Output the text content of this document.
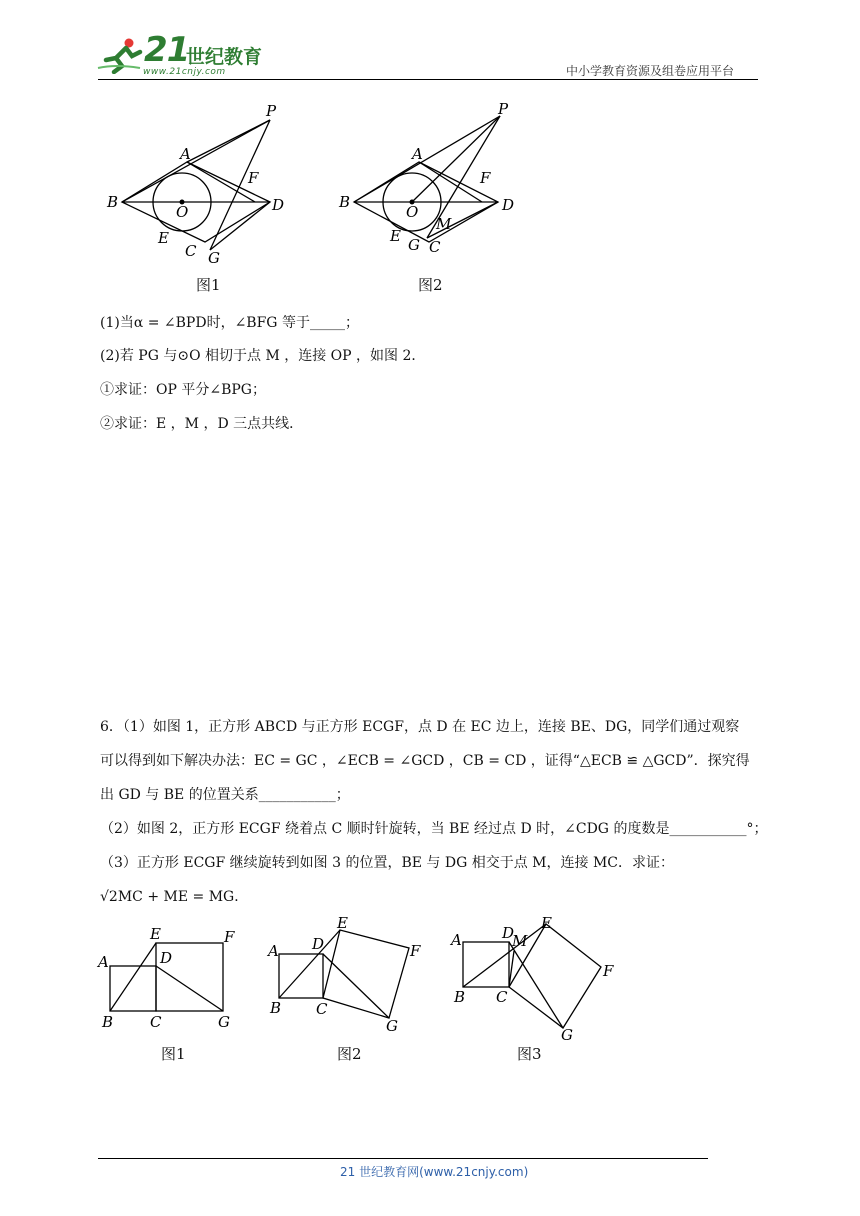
21
世纪教育
www.21cnjy.com	中小学教育资源及组卷应用平台
P
A
F
B
O	D
E
C G
图1
P
A
F
B
O	D
E
M
G C
图2
(1)当α = ∠BPD时，∠BFG 等于_____；
(2)若 PG 与⊙O 相切于点 M ，连接 OP ，如图 2．
①求证：OP 平分∠BPG；
②求证：E ，M ，D 三点共线．
6．（1）如图 1，正方形 ABCD 与正方形 ECGF，点 D 在 EC 边上，连接 BE、DG，同学们通过观察
可以得到如下解决办法：EC = GC ，∠ECB = ∠GCD ，CB = CD ，证得“△ECB ≌ △GCD”．探究得
出 GD 与 BE 的位置关系___________；
（2）如图 2，正方形 ECGF 绕着点 C 顺时针旋转，当 BE 经过点 D 时，∠CDG 的度数是___________°；
（3）正方形 ECGF 继续旋转到如图 3 的位置，BE 与 DG 相交于点 M，连接 MC．求证：
√2MC + ME = MG．
E	F
A	D
B C	G
图1
A D
E
F
B C
G
图2
A	D
M
E
F
B C
G
图3
21 世纪教育网(www.21cnjy.com)
